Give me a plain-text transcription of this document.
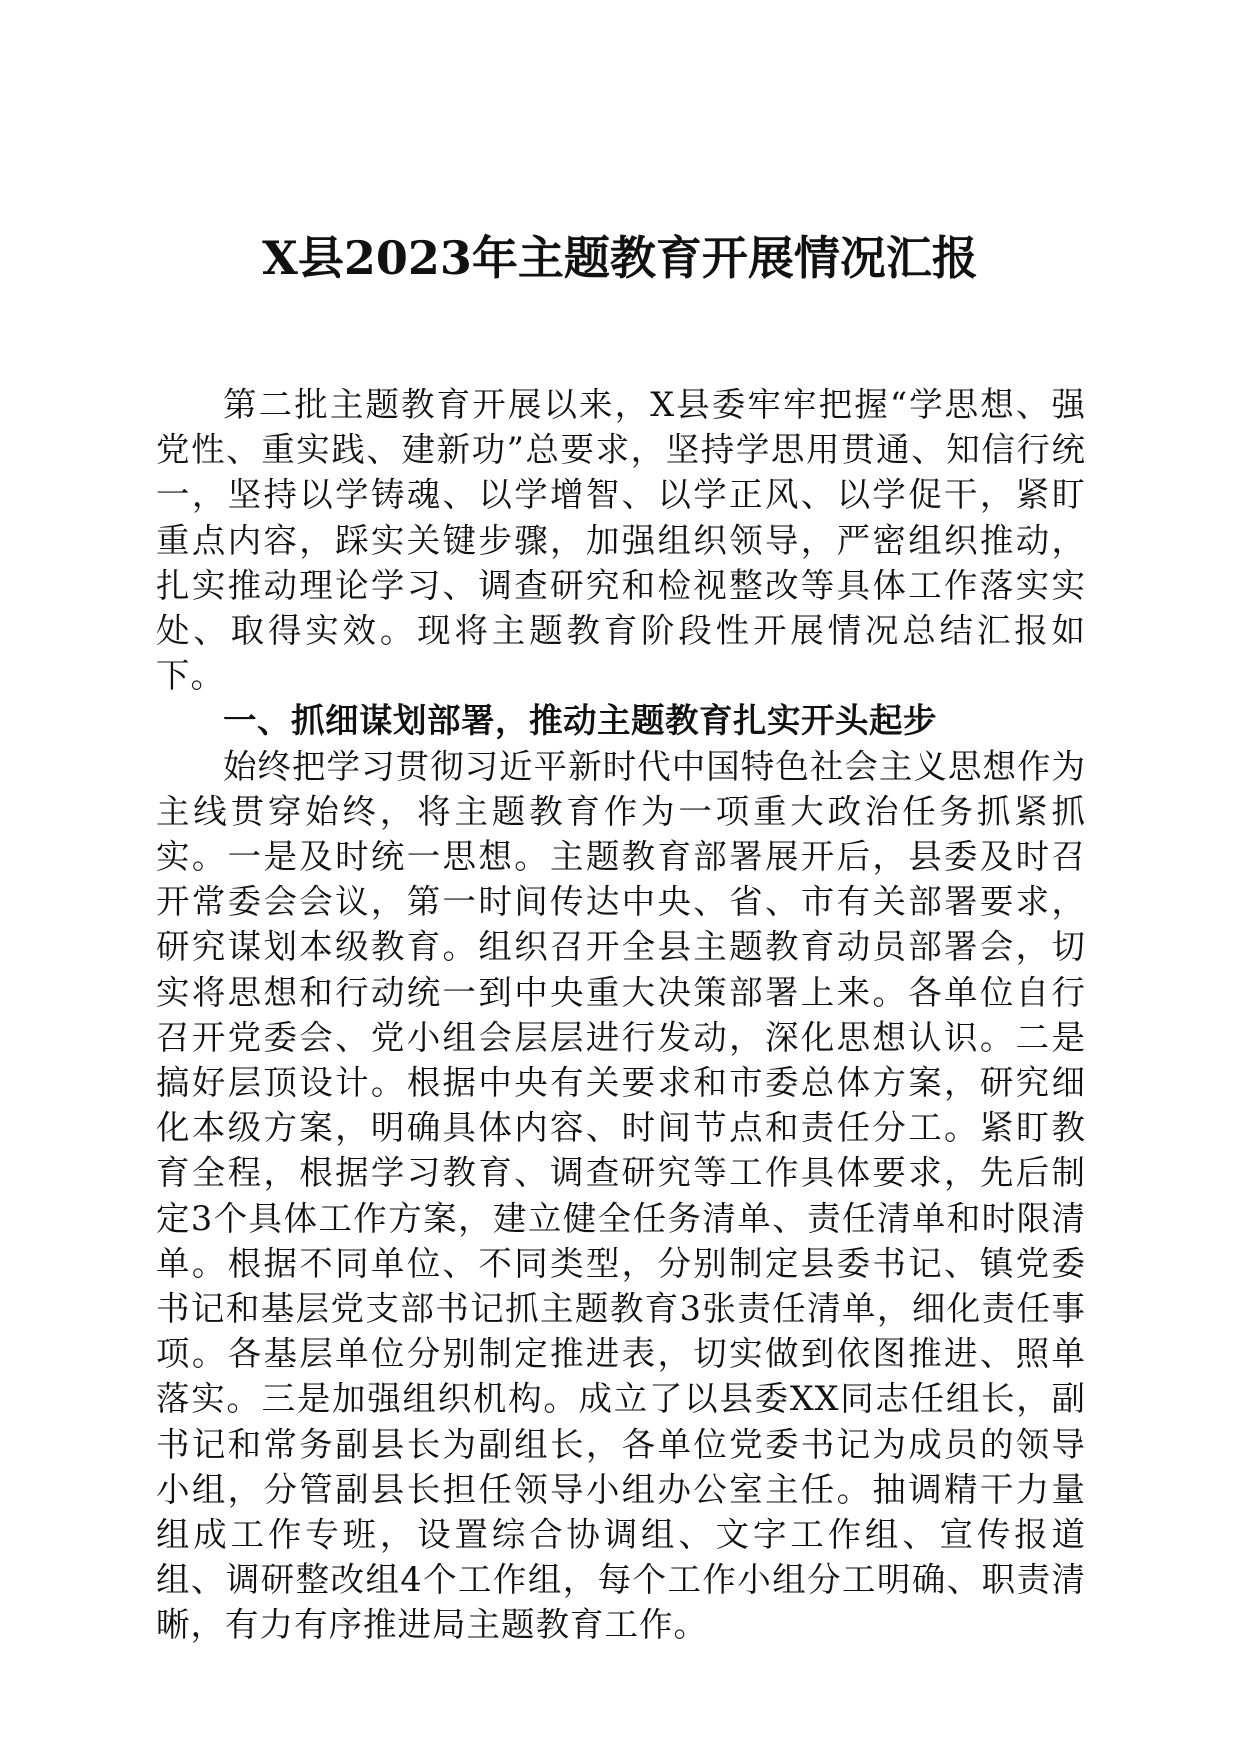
X县2023年主题教育开展情况汇报

第二批主题教育开展以来，X县委牢牢把握“学思想、强党性、重实践、建新功”总要求，坚持学思用贯通、知信行统一，坚持以学铸魂、以学增智、以学正风、以学促干，紧盯重点内容，踩实关键步骤，加强组织领导，严密组织推动，扎实推动理论学习、调查研究和检视整改等具体工作落实实处、取得实效。现将主题教育阶段性开展情况总结汇报如下。

一、抓细谋划部署，推动主题教育扎实开头起步

始终把学习贯彻习近平新时代中国特色社会主义思想作为主线贯穿始终，将主题教育作为一项重大政治任务抓紧抓实。一是及时统一思想。主题教育部署展开后，县委及时召开常委会会议，第一时间传达中央、省、市有关部署要求，研究谋划本级教育。组织召开全县主题教育动员部署会，切实将思想和行动统一到中央重大决策部署上来。各单位自行召开党委会、党小组会层层进行发动，深化思想认识。二是搞好层顶设计。根据中央有关要求和市委总体方案，研究细化本级方案，明确具体内容、时间节点和责任分工。紧盯教育全程，根据学习教育、调查研究等工作具体要求，先后制定3个具体工作方案，建立健全任务清单、责任清单和时限清单。根据不同单位、不同类型，分别制定县委书记、镇党委书记和基层党支部书记抓主题教育3张责任清单，细化责任事项。各基层单位分别制定推进表，切实做到依图推进、照单落实。三是加强组织机构。成立了以县委XX同志任组长，副书记和常务副县长为副组长，各单位党委书记为成员的领导小组，分管副县长担任领导小组办公室主任。抽调精干力量组成工作专班，设置综合协调组、文字工作组、宣传报道组、调研整改组4个工作组，每个工作小组分工明确、职责清晰，有力有序推进局主题教育工作。
